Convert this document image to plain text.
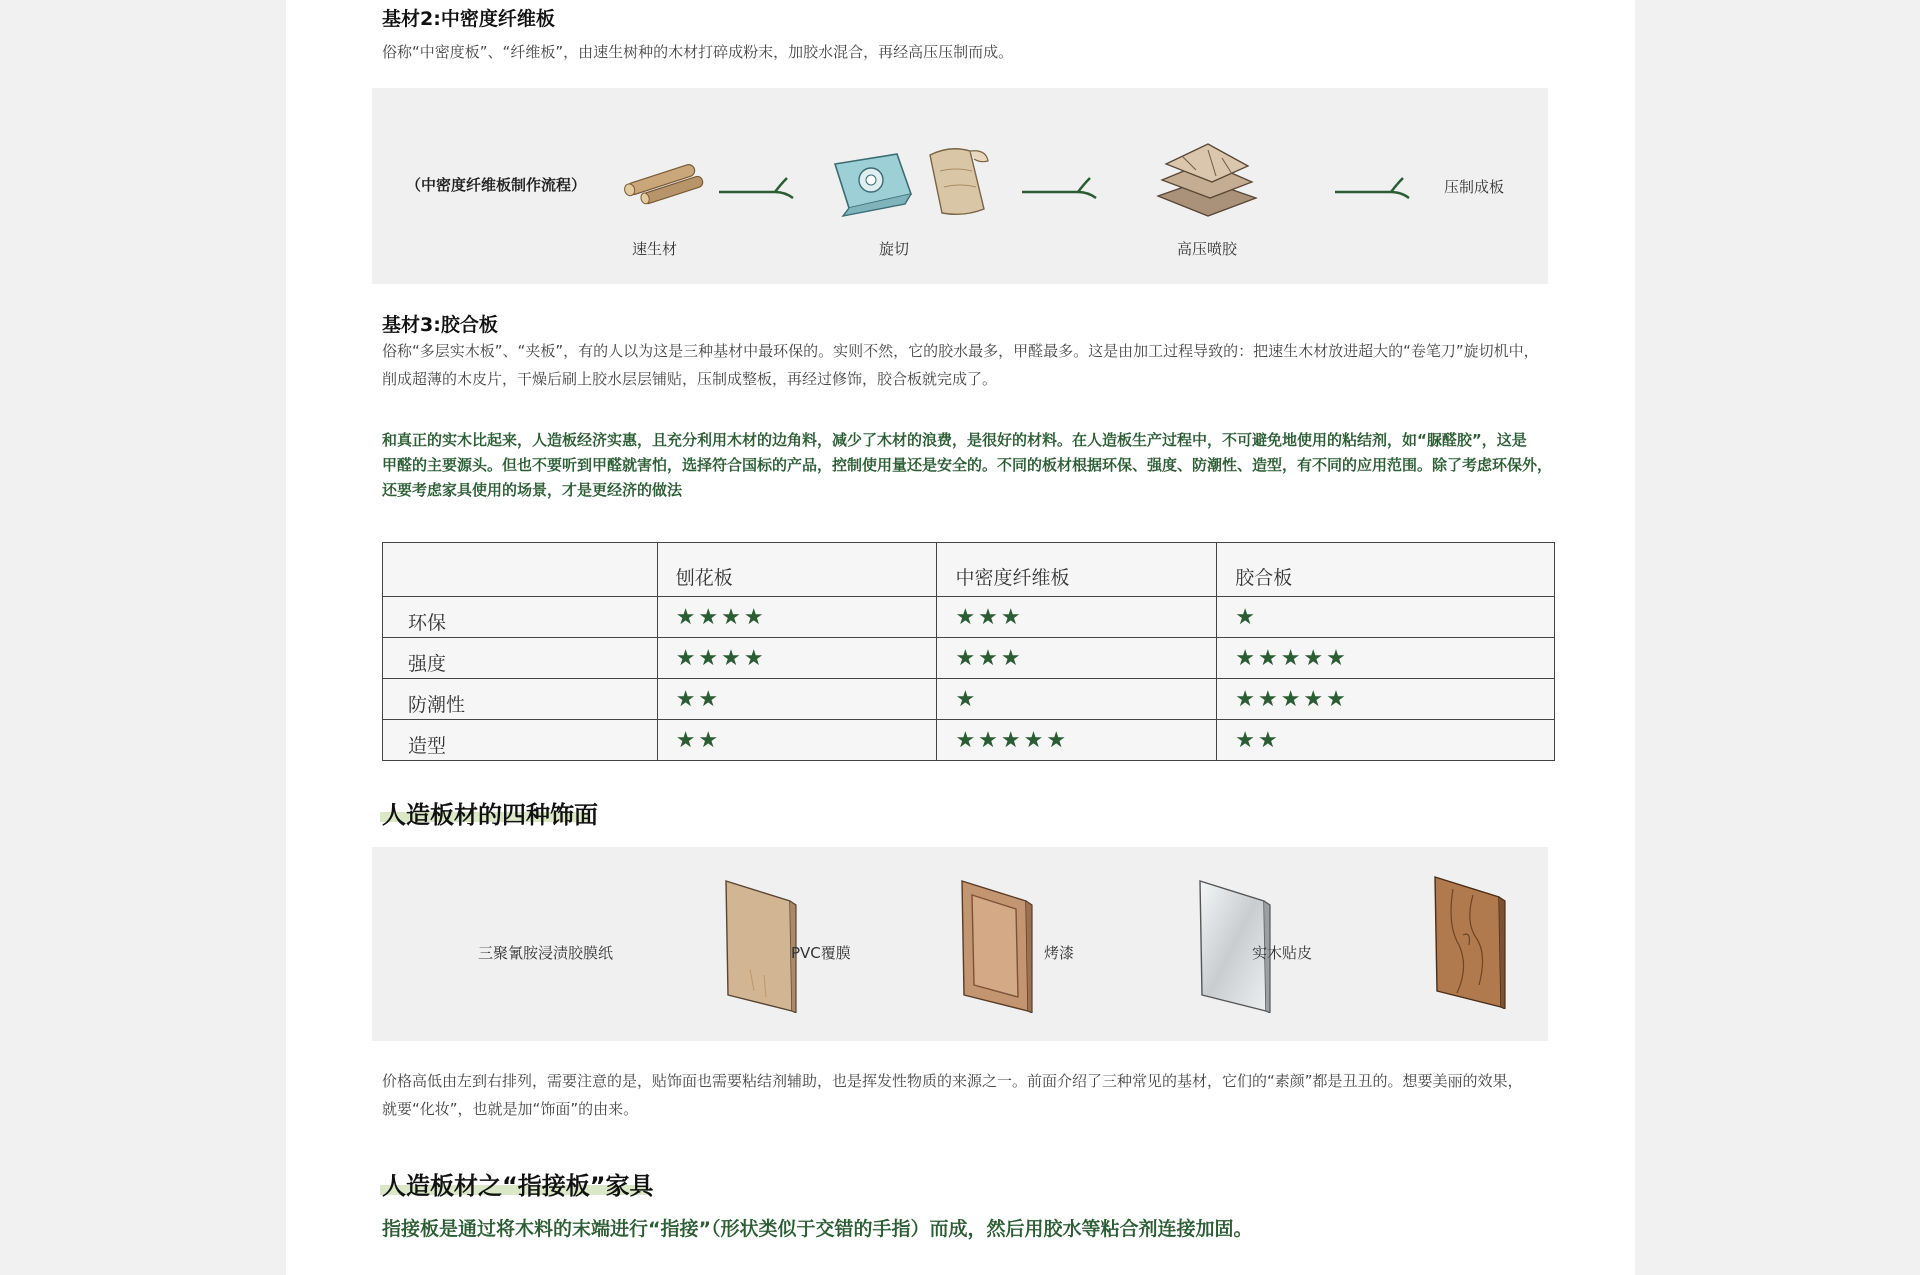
基材2:中密度纤维板
俗称“中密度板”、“纤维板”，由速生树种的木材打碎成粉末，加胶水混合，再经高压压制而成。
（中密度纤维板制作流程）
速生材	旋切	高压喷胶
压制成板
基材3:胶合板
俗称“多层实木板”、“夹板”，有的人以为这是三种基材中最环保的。实则不然，它的胶水最多，甲醛最多。这是由加工过程导致的：把速生木材放进超大的“卷笔刀”旋切机中，
削成超薄的木皮片，干燥后刷上胶水层层铺贴，压制成整板，再经过修饰，胶合板就完成了。
和真正的实木比起来，人造板经济实惠，且充分利用木材的边角料，减少了木材的浪费，是很好的材料。在人造板生产过程中，不可避免地使用的粘结剂，如“脲醛胶”，这是
甲醛的主要源头。但也不要听到甲醛就害怕，选择符合国标的产品，控制使用量还是安全的。不同的板材根据环保、强度、防潮性、造型，有不同的应用范围。除了考虑环保外，
还要考虑家具使用的场景，才是更经济的做法
	刨花板	中密度纤维板	胶合板
环保	★★★★	★★★	★
强度	★★★★	★★★	★★★★★
防潮性	★★	★	★★★★★
造型	★★	★★★★★	★★
人造板材的四种饰面
三聚氰胺浸渍胶膜纸	PVC覆膜	烤漆	实木贴皮
价格高低由左到右排列，需要注意的是，贴饰面也需要粘结剂辅助，也是挥发性物质的来源之一。前面介绍了三种常见的基材，它们的“素颜”都是丑丑的。想要美丽的效果，
就要“化妆”，也就是加“饰面”的由来。
人造板材之“指接板”家具
指接板是通过将木料的末端进行“指接”（形状类似于交错的手指）而成，然后用胶水等粘合剂连接加固。
